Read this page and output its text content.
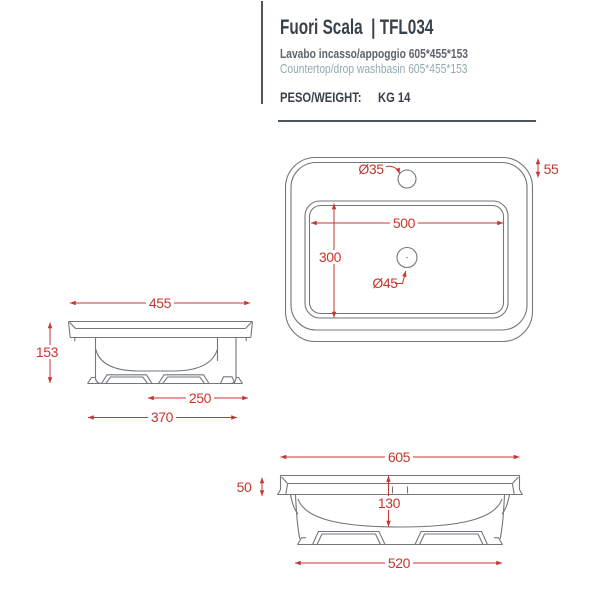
Fuori Scala  | TFL034
Lavabo incasso/appoggio 605*455*153
Countertop/drop washbasin 605*455*153
PESO/WEIGHT: KG 14
Ø35	55
500
300
Ø45
455
153
250
370
605
50
130
520
